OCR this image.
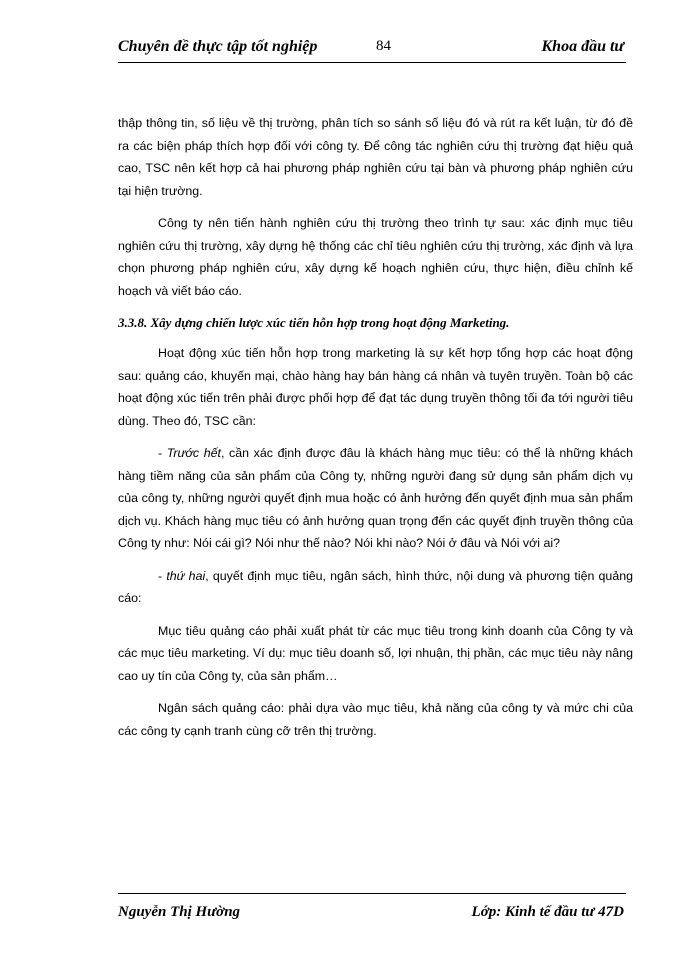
Chuyên đề thực tập tốt nghiệp	84	Khoa đầu tư

thập thông tin, số liệu về thị trường, phân tích so sánh số liệu đó và rút ra kết luận, từ đó đề ra các biện pháp thích hợp đối với công ty. Để công tác nghiên cứu thị trường đạt hiệu quả cao, TSC nên kết hợp cả hai phương pháp nghiên cứu tại bàn và phương pháp nghiên cứu tại hiện trường.

Công ty nên tiến hành nghiên cứu thị trường theo trình tự sau: xác định mục tiêu nghiên cứu thị trường, xây dựng hệ thống các chỉ tiêu nghiên cứu thị trường, xác định và lựa chọn phương pháp nghiên cứu, xây dựng kế hoạch nghiên cứu, thực hiện, điều chỉnh kế hoạch và viết báo cáo.

3.3.8. Xây dựng chiến lược xúc tiến hỗn hợp trong hoạt động Marketing.

Hoạt động xúc tiến hỗn hợp trong marketing là sự kết hợp tổng hợp các hoạt động sau: quảng cáo, khuyến mại, chào hàng hay bán hàng cá nhân và tuyên truyền. Toàn bộ các hoạt động xúc tiến trên phải được phối hợp để đạt tác dụng truyền thông tối đa tới người tiêu dùng. Theo đó, TSC cần:

- Trước hết, cần xác định được đâu là khách hàng mục tiêu: có thể là những khách hàng tiềm năng của sản phẩm của Công ty, những người đang sử dụng sản phẩm dịch vụ của công ty, những người quyết định mua hoặc có ảnh hưởng đến quyết định mua sản phẩm dịch vụ. Khách hàng mục tiêu có ảnh hưởng quan trọng đến các quyết định truyền thông của Công ty như: Nói cái gì? Nói như thế nào? Nói khi nào? Nói ở đâu và Nói với ai?

- thứ hai, quyết định mục tiêu, ngân sách, hình thức, nội dung và phương tiện quảng cáo:

Mục tiêu quảng cáo phải xuất phát từ các mục tiêu trong kinh doanh của Công ty và các mục tiêu marketing. Ví dụ: mục tiêu doanh số, lợi nhuận, thị phần, các mục tiêu này nâng cao uy tín của Công ty, của sản phẩm…

Ngân sách quảng cáo: phải dựa vào mục tiêu, khả năng của công ty và mức chi của các công ty cạnh tranh cùng cỡ trên thị trường.

Nguyễn Thị Hường	Lớp: Kinh tế đầu tư 47D
